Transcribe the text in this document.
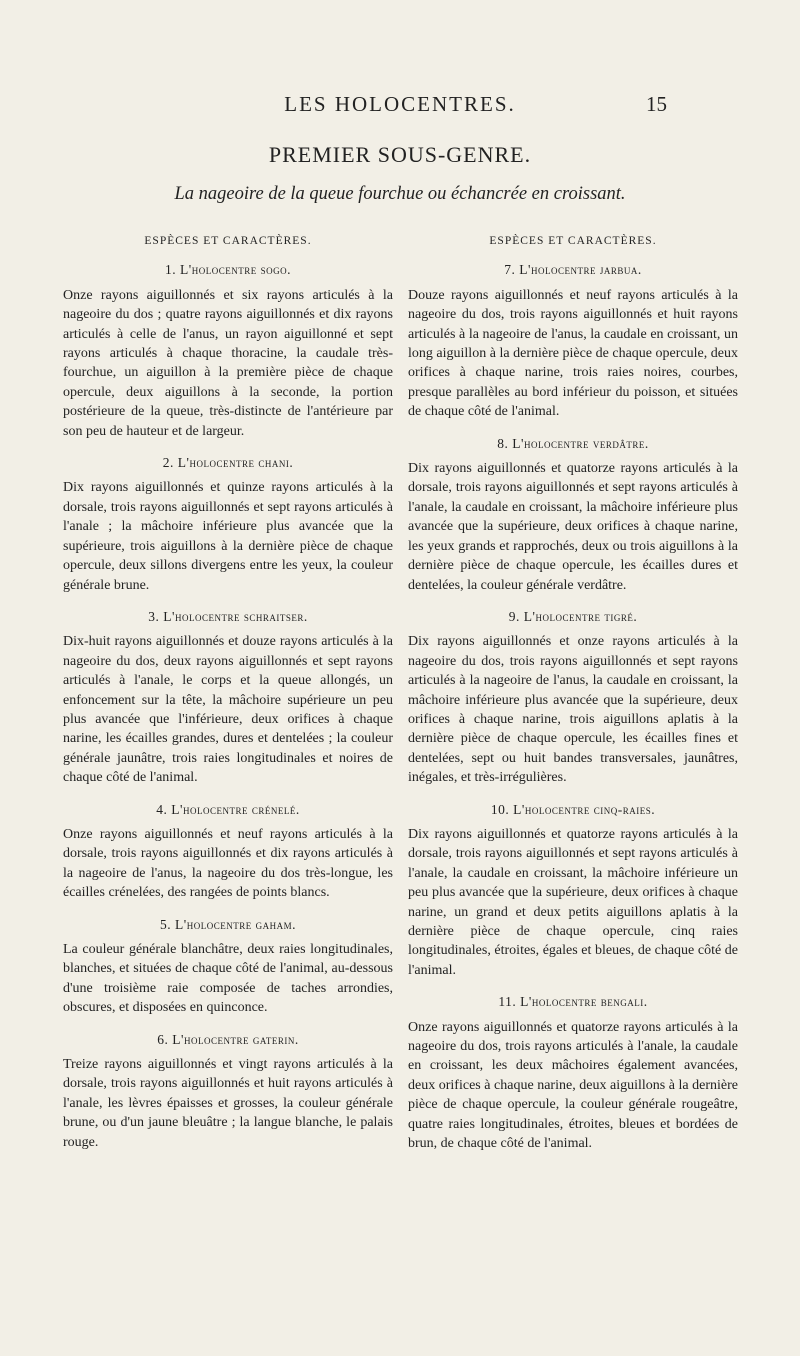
LES HOLOCENTRES.	15
PREMIER SOUS-GENRE.
La nageoire de la queue fourchue ou échancrée en croissant.
ESPÈCES ET CARACTÈRES.
1. L'holocentre sogo.

Onze rayons aiguillonnés et six rayons articulés à la nageoire du dos ; quatre rayons aiguillonnés et dix rayons articulés à celle de l'anus, un rayon aiguillonné et sept rayons articulés à chaque thoracine, la caudale très-fourchue, un aiguillon à la première pièce de chaque opercule, deux aiguillons à la seconde, la portion postérieure de la queue, très-distincte de l'antérieure par son peu de hauteur et de largeur.

2. L'holocentre chani.

Dix rayons aiguillonnés et quinze rayons articulés à la dorsale, trois rayons aiguillonnés et sept rayons articulés à l'anale ; la mâchoire inférieure plus avancée que la supérieure, trois aiguillons à la dernière pièce de chaque opercule, deux sillons divergens entre les yeux, la couleur générale brune.

3. L'holocentre schraitser.

Dix-huit rayons aiguillonnés et douze rayons articulés à la nageoire du dos, deux rayons aiguillonnés et sept rayons articulés à l'anale, le corps et la queue allongés, un enfoncement sur la tête, la mâchoire supérieure un peu plus avancée que l'inférieure, deux orifices à chaque narine, les écailles grandes, dures et dentelées ; la couleur générale jaunâtre, trois raies longitudinales et noires de chaque côté de l'animal.

4. L'holocentre crénelé.

Onze rayons aiguillonnés et neuf rayons articulés à la dorsale, trois rayons aiguillonnés et dix rayons articulés à la nageoire de l'anus, la nageoire du dos très-longue, les écailles crénelées, des rangées de points blancs.

5. L'holocentre gaham.

La couleur générale blanchâtre, deux raies longitudinales, blanches, et situées de chaque côté de l'animal, au-dessous d'une troisième raie composée de taches arrondies, obscures, et disposées en quinconce.

6. L'holocentre gaterin.

Treize rayons aiguillonnés et vingt rayons articulés à la dorsale, trois rayons aiguillonnés et huit rayons articulés à l'anale, les lèvres épaisses et grosses, la couleur générale brune, ou d'un jaune bleuâtre ; la langue blanche, le palais rouge.

ESPÈCES ET CARACTÈRES.
7. L'holocentre jarbua.

Douze rayons aiguillonnés et neuf rayons articulés à la nageoire du dos, trois rayons aiguillonnés et huit rayons articulés à la nageoire de l'anus, la caudale en croissant, un long aiguillon à la dernière pièce de chaque opercule, deux orifices à chaque narine, trois raies noires, courbes, presque parallèles au bord inférieur du poisson, et situées de chaque côté de l'animal.

8. L'holocentre verdâtre.

Dix rayons aiguillonnés et quatorze rayons articulés à la dorsale, trois rayons aiguillonnés et sept rayons articulés à l'anale, la caudale en croissant, la mâchoire inférieure plus avancée que la supérieure, deux orifices à chaque narine, les yeux grands et rapprochés, deux ou trois aiguillons à la dernière pièce de chaque opercule, les écailles dures et dentelées, la couleur générale verdâtre.

9. L'holocentre tigré.

Dix rayons aiguillonnés et onze rayons articulés à la nageoire du dos, trois rayons aiguillonnés et sept rayons articulés à la nageoire de l'anus, la caudale en croissant, la mâchoire inférieure plus avancée que la supérieure, deux orifices à chaque narine, trois aiguillons aplatis à la dernière pièce de chaque opercule, les écailles fines et dentelées, sept ou huit bandes transversales, jaunâtres, inégales, et très-irrégulières.

10. L'holocentre cinq-raies.

Dix rayons aiguillonnés et quatorze rayons articulés à la dorsale, trois rayons aiguillonnés et sept rayons articulés à l'anale, la caudale en croissant, la mâchoire inférieure un peu plus avancée que la supérieure, deux orifices à chaque narine, un grand et deux petits aiguillons aplatis à la dernière pièce de chaque opercule, cinq raies longitudinales, étroites, égales et bleues, de chaque côté de l'animal.

11. L'holocentre bengali.

Onze rayons aiguillonnés et quatorze rayons articulés à la nageoire du dos, trois rayons articulés à l'anale, la caudale en croissant, les deux mâchoires également avancées, deux orifices à chaque narine, deux aiguillons à la dernière pièce de chaque opercule, la couleur générale rougeâtre, quatre raies longitudinales, étroites, bleues et bordées de brun, de chaque côté de l'animal.
